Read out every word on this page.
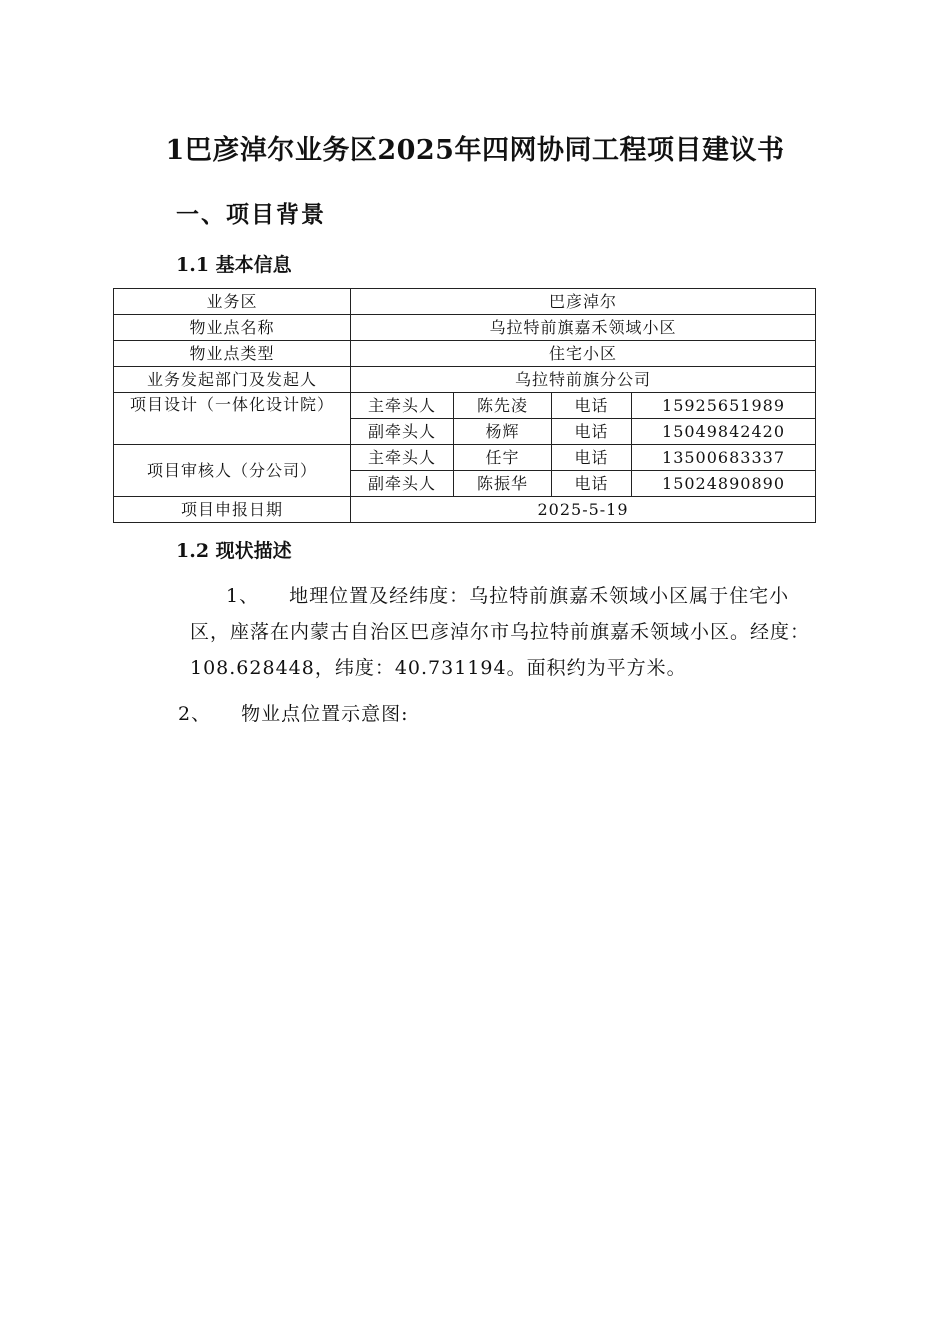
1巴彦淖尔业务区2025年四网协同工程项目建议书
一、项目背景
1.1 基本信息
业务区	巴彦淖尔			
物业点名称	乌拉特前旗嘉禾领域小区			
物业点类型	住宅小区			
业务发起部门及发起人	乌拉特前旗分公司			
项目设计（一体化设计院）	主牵头人	陈先凌	电话	15925651989
	副牵头人	杨辉	电话	15049842420
项目审核人（分公司）	主牵头人	任宇	电话	13500683337
	副牵头人	陈振华	电话	15024890890
项目申报日期	2025-5-19			
1.2 现状描述
1、 地理位置及经纬度：乌拉特前旗嘉禾领域小区属于住宅小区，座落在内蒙古自治区巴彦淖尔市乌拉特前旗嘉禾领域小区。经度：108.628448，纬度：40.731194。面积约为平方米。
2、 物业点位置示意图:
